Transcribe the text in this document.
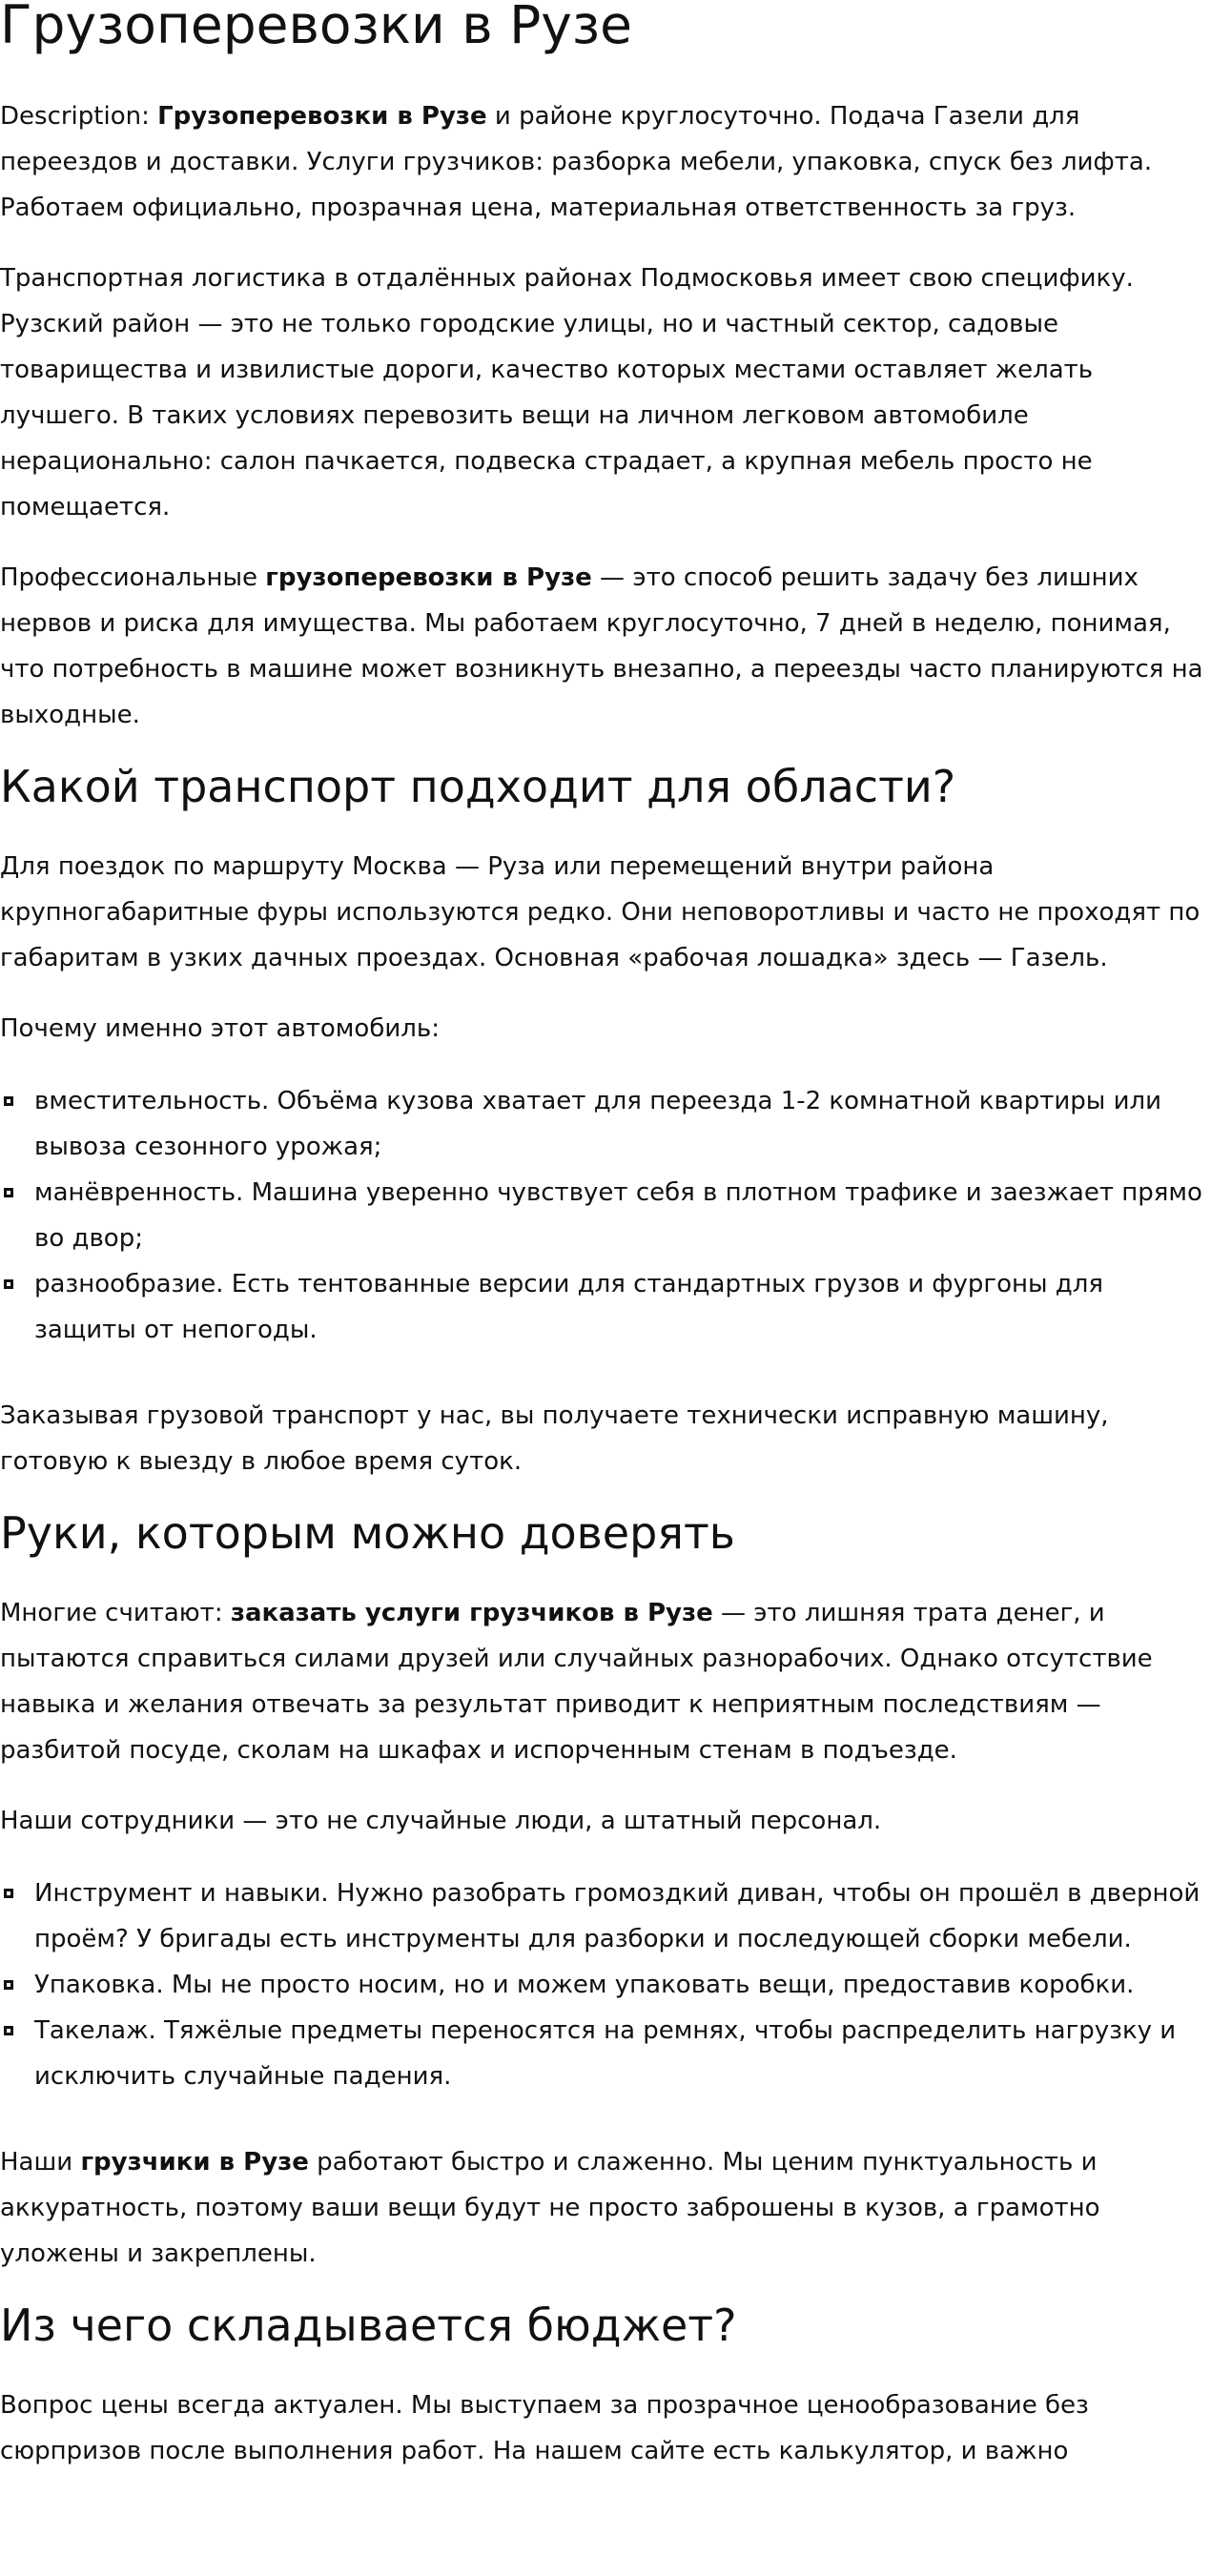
Грузоперевозки в Рузе

Description: Грузоперевозки в Рузе и районе круглосуточно. Подача Газели для переездов и доставки. Услуги грузчиков: разборка мебели, упаковка, спуск без лифта. Работаем официально, прозрачная цена, материальная ответственность за груз.

Транспортная логистика в отдалённых районах Подмосковья имеет свою специфику. Рузский район — это не только городские улицы, но и частный сектор, садовые товарищества и извилистые дороги, качество которых местами оставляет желать лучшего. В таких условиях перевозить вещи на личном легковом автомобиле нерационально: салон пачкается, подвеска страдает, а крупная мебель просто не помещается.

Профессиональные грузоперевозки в Рузе — это способ решить задачу без лишних нервов и риска для имущества. Мы работаем круглосуточно, 7 дней в неделю, понимая, что потребность в машине может возникнуть внезапно, а переезды часто планируются на выходные.

Какой транспорт подходит для области?

Для поездок по маршруту Москва — Руза или перемещений внутри района крупногабаритные фуры используются редко. Они неповоротливы и часто не проходят по габаритам в узких дачных проездах. Основная «рабочая лошадка» здесь — Газель.

Почему именно этот автомобиль:

вместительность. Объёма кузова хватает для переезда 1-2 комнатной квартиры или вывоза сезонного урожая;
манёвренность. Машина уверенно чувствует себя в плотном трафике и заезжает прямо во двор;
разнообразие. Есть тентованные версии для стандартных грузов и фургоны для защиты от непогоды.

Заказывая грузовой транспорт у нас, вы получаете технически исправную машину, готовую к выезду в любое время суток.

Руки, которым можно доверять

Многие считают: заказать услуги грузчиков в Рузе — это лишняя трата денег, и пытаются справиться силами друзей или случайных разнорабочих. Однако отсутствие навыка и желания отвечать за результат приводит к неприятным последствиям — разбитой посуде, сколам на шкафах и испорченным стенам в подъезде.

Наши сотрудники — это не случайные люди, а штатный персонал.

Инструмент и навыки. Нужно разобрать громоздкий диван, чтобы он прошёл в дверной проём? У бригады есть инструменты для разборки и последующей сборки мебели.
Упаковка. Мы не просто носим, но и можем упаковать вещи, предоставив коробки.
Такелаж. Тяжёлые предметы переносятся на ремнях, чтобы распределить нагрузку и исключить случайные падения.

Наши грузчики в Рузе работают быстро и слаженно. Мы ценим пунктуальность и аккуратность, поэтому ваши вещи будут не просто заброшены в кузов, а грамотно уложены и закреплены.

Из чего складывается бюджет?

Вопрос цены всегда актуален. Мы выступаем за прозрачное ценообразование без сюрпризов после выполнения работ. На нашем сайте есть калькулятор, и важно
